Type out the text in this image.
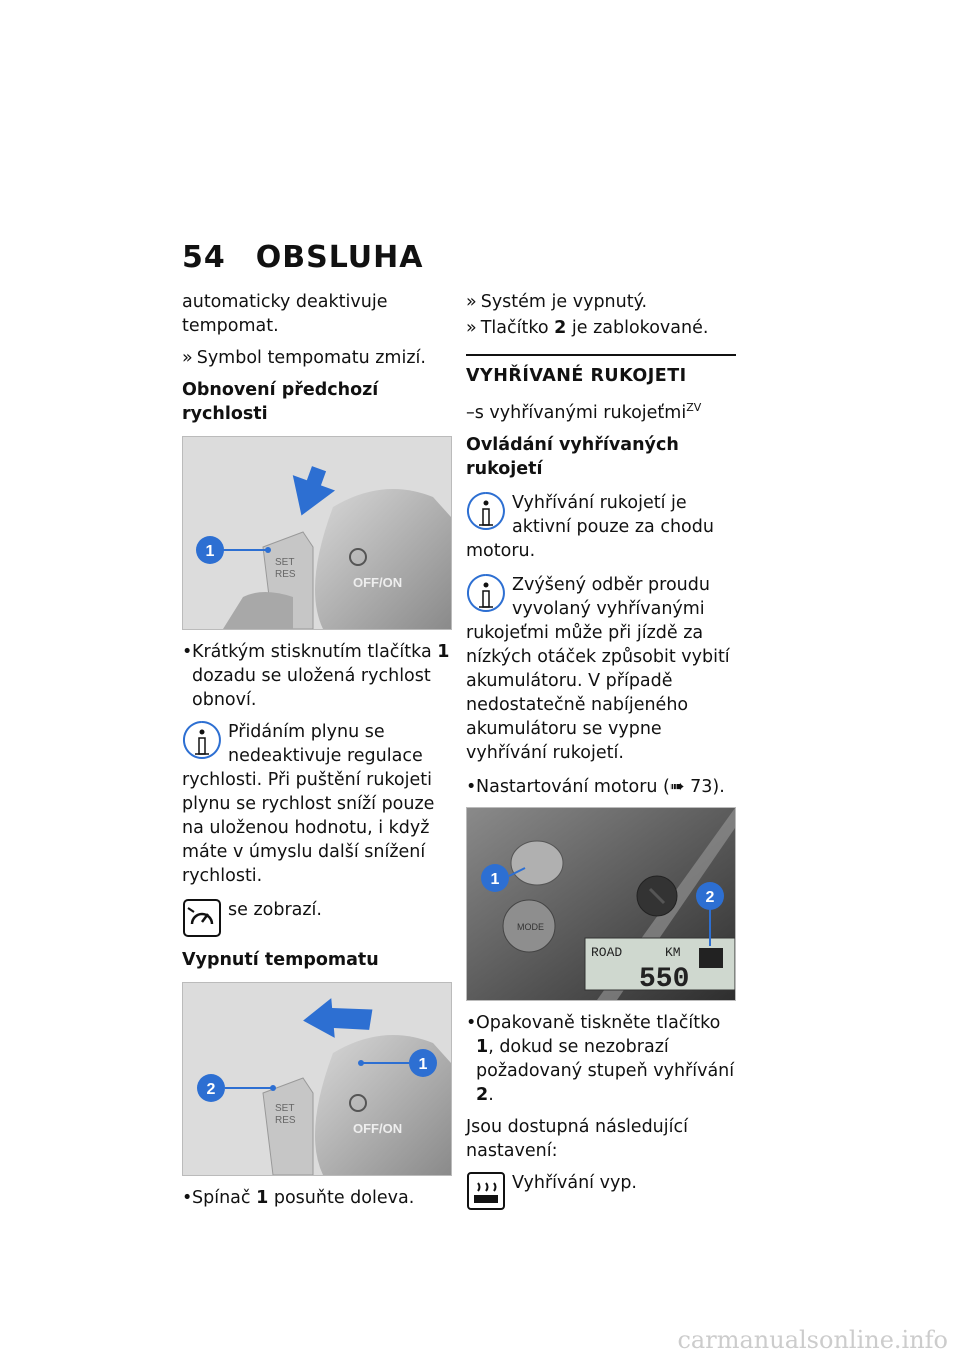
54 OBSLUHA

automaticky deaktivuje tempomat.

» Symbol tempomatu zmizí.

Obnovení předchozí rychlosti
1
SET
RES
OFF/ON
• Krátkým stisknutím tlačítka 1 dozadu se uložená rychlost obnoví.
Přidáním plynu se nedeaktivuje regulace rychlosti. Při puštění rukojeti plynu se rychlost sníží pouze na uloženou hodnotu, i když máte v úmyslu další snížení rychlosti.
se zobrazí.
Vypnutí tempomatu
2
1
SET
RES
OFF/ON
• Spínač 1 posuňte doleva.

» Systém je vypnutý.

» Tlačítko 2 je zablokované.

VYHŘÍVANÉ RUKOJETI

–s vyhřívanými rukojeťmi$^{ZV}$

Ovládání vyhřívaných rukojetí
Vyhřívání rukojetí je aktivní pouze za chodu motoru.
Zvýšený odběr proudu vyvolaný vyhřívanými rukojeťmi může při jízdě za nízkých otáček způsobit vybití akumulátoru. V případě nedostatečně nabíjeného akumulátoru se vypne vyhřívání rukojetí.
• Nastartování motoru (➠ 73).
MODE
ROAD	KM
550
1
2
• Opakovaně tiskněte tlačítko 1, dokud se nezobrazí požadovaný stupeň vyhřívání 2.

Jsou dostupná následující nastavení:

Vyhřívání vyp.
carmanualsonline.info
